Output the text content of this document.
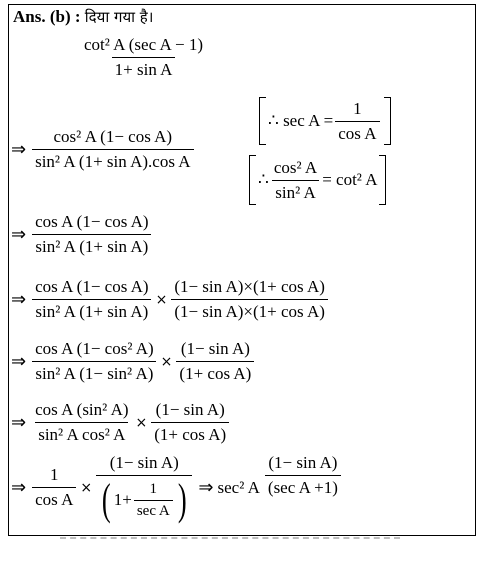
Ans. (b) : दिया गया है।
$\frac{\text{cot² A (sec A − 1)}}{\text{1+ sin A}}$
⇒ $\frac{\text{cos² A (1− cos A)}}{\text{sin² A (1+ sin A).cos A}}$
∴ $\sec A = \frac{1}{\text{cos A}}$
∴ $\frac{\text{cos² A}}{\text{sin² A}} = \cot^2$ A
⇒ $\frac{\text{cos A (1− cos A)}}{\text{sin² A (1+ sin A)}}$
⇒ $\frac{\text{cos A (1− cos A)}}{\text{sin² A (1+ sin A)}} \times \frac{\text{(1− sin A)×(1+ cos A)}}{\text{(1− sin A)×(1+ cos A)}}$
⇒ $\frac{\text{cos A (1− cos² A)}}{\text{sin² A (1− sin² A)}} \times \frac{\text{(1− sin A)}}{\text{(1+ cos A)}}$
⇒ $\frac{\text{cos A (sin² A)}}{\text{sin² A cos² A}} \times \frac{\text{(1− sin A)}}{\text{(1+ cos A)}}$
⇒ $\frac{1}{\text{cos A}}$ ×
(1− sin A)
( $1+ \frac{1}{\text{sec A}}$ ) ⇒ sec² A $\frac{\text{(1− sin A)}}{\text{(sec A +1)}}$
